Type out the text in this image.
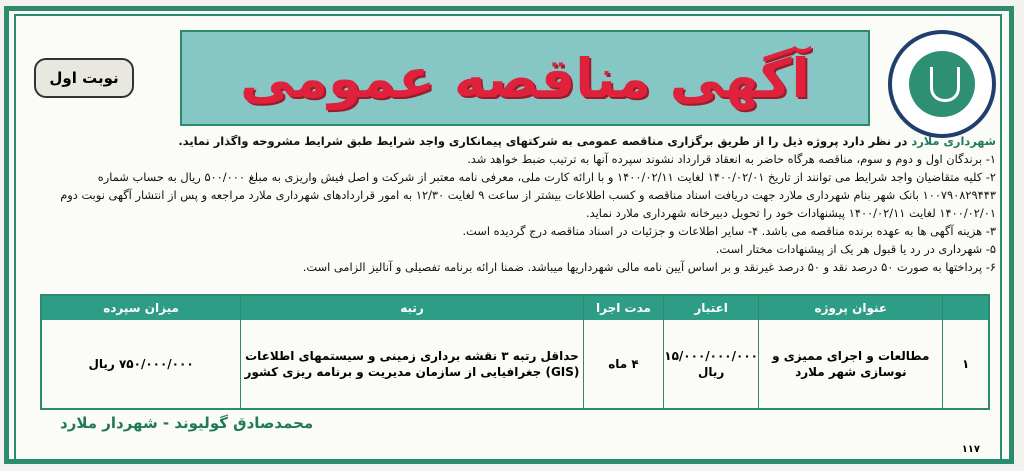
آگهی مناقصه عمومی
نوبت اول

شهرداری ملارد در نظر دارد پروژه ذیل را از طریق برگزاری مناقصه عمومی به شرکتهای پیمانکاری واجد شرایط طبق شرایط مشروحه واگذار نماید.

۱- برندگان اول و دوم و سوم، مناقصه هرگاه حاضر به انعقاد قرارداد نشوند سپرده آنها به ترتیب ضبط خواهد شد.

۲- کلیه متقاضیان واجد شرایط می توانند از تاریخ ۱۴۰۰/۰۲/۰۱ لغایت ۱۴۰۰/۰۲/۱۱ و با ارائه کارت ملی، معرفی نامه معتبر از شرکت و اصل فیش واریزی به مبلغ ۵۰۰/۰۰۰ ریال به حساب شماره ۱۰۰۷۹۰۸۲۹۴۴۳ بانک شهر بنام شهرداری ملارد جهت دریافت اسناد مناقصه و کسب اطلاعات بیشتر از ساعت ۹ لغایت ۱۲/۳۰ به امور قراردادهای شهرداری ملارد مراجعه و پس از انتشار آگهی نوبت دوم ۱۴۰۰/۰۲/۰۱ لغایت ۱۴۰۰/۰۲/۱۱ پیشنهادات خود را تحویل دبیرخانه شهرداری ملارد نماید.

۳- هزینه آگهی ها به عهده برنده مناقصه می باشد. ۴- سایر اطلاعات و جزئیات در اسناد مناقصه درج گردیده است.

۵- شهرداری در رد یا قبول هر یک از پیشنهادات مختار است.

۶- پرداختها به صورت ۵۰ درصد نقد و ۵۰ درصد غیرنقد و بر اساس آیین نامه مالی شهرداریها میباشد. ضمنا ارائه برنامه تفصیلی و آنالیز الزامی است.

عنوان پروژه
اعتبار
مدت اجرا
رتبه
میزان سپرده
۱
مطالعات و اجرای ممیزی و نوسازی شهر ملارد
۱۵/۰۰۰/۰۰۰/۰۰۰ ریال
۴ ماه
حداقل رتبه ۳ نقشه برداری زمینی و سیستمهای اطلاعات (GIS) جغرافیایی از سازمان مدیریت و برنامه ریزی کشور
۷۵۰/۰۰۰/۰۰۰ ریال
محمدصادق گولیوند - شهردار ملارد
۱۱۷
